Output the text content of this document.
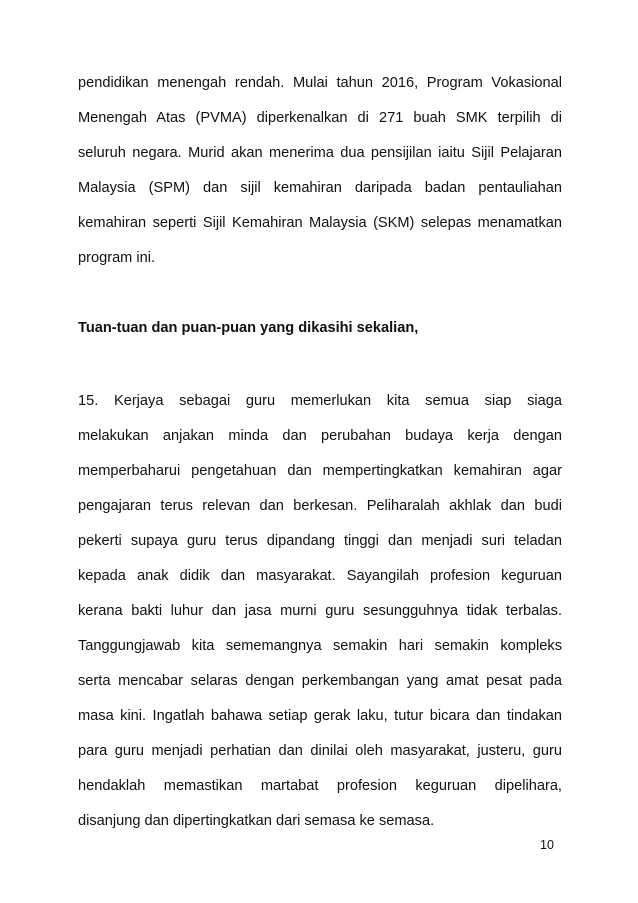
pendidikan menengah rendah. Mulai tahun 2016, Program Vokasional
Menengah Atas (PVMA) diperkenalkan di 271 buah SMK terpilih di
seluruh negara. Murid akan menerima dua pensijilan iaitu Sijil Pelajaran
Malaysia (SPM) dan sijil kemahiran daripada badan pentauliahan
kemahiran seperti Sijil Kemahiran Malaysia (SKM) selepas menamatkan
program ini.
Tuan-tuan dan puan-puan yang dikasihi sekalian,
15. Kerjaya sebagai guru memerlukan kita semua siap siaga
melakukan anjakan minda dan perubahan budaya kerja dengan
memperbaharui pengetahuan dan mempertingkatkan kemahiran agar
pengajaran terus relevan dan berkesan. Peliharalah akhlak dan budi
pekerti supaya guru terus dipandang tinggi dan menjadi suri teladan
kepada anak didik dan masyarakat. Sayangilah profesion keguruan
kerana bakti luhur dan jasa murni guru sesungguhnya tidak terbalas.
Tanggungjawab kita sememangnya semakin hari semakin kompleks
serta mencabar selaras dengan perkembangan yang amat pesat pada
masa kini. Ingatlah bahawa setiap gerak laku, tutur bicara dan tindakan
para guru menjadi perhatian dan dinilai oleh masyarakat, justeru, guru
hendaklah memastikan martabat profesion keguruan dipelihara,
disanjung dan dipertingkatkan dari semasa ke semasa.
10
